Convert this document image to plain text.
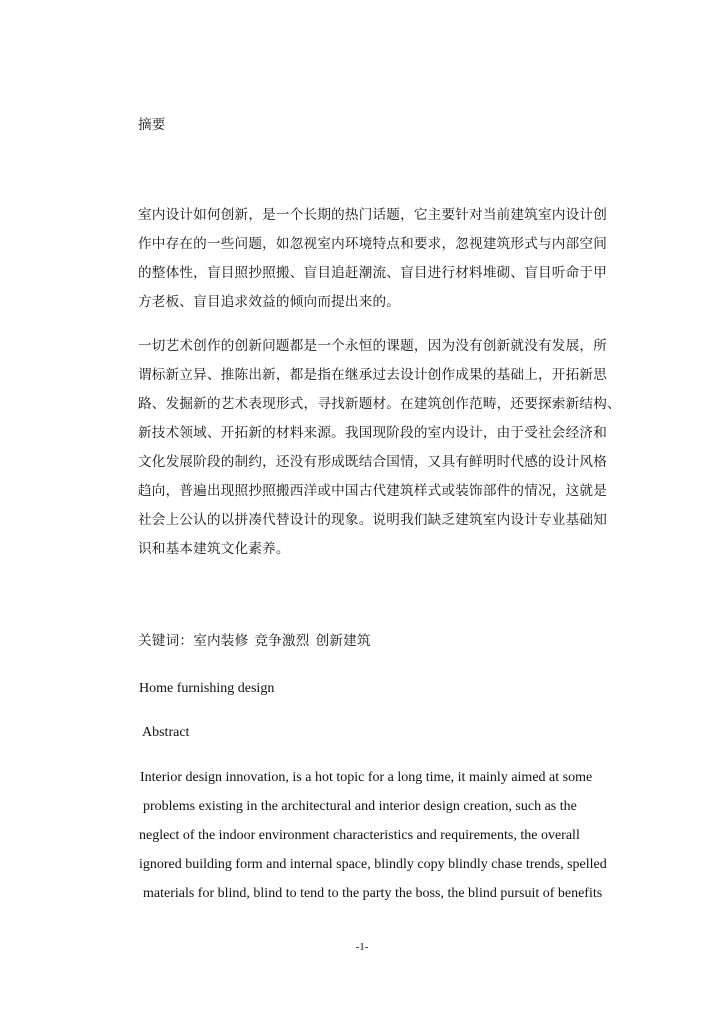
摘要

室内设计如何创新，是一个长期的热门话题，它主要针对当前建筑室内设计创

作中存在的一些问题，如忽视室内环境特点和要求，忽视建筑形式与内部空间

的整体性，盲目照抄照搬、盲目追赶潮流、盲目进行材料堆砌、盲目听命于甲

方老板、盲目追求效益的倾向而提出来的。

一切艺术创作的创新问题都是一个永恒的课题，因为没有创新就没有发展，所

谓标新立异、推陈出新，都是指在继承过去设计创作成果的基础上，开拓新思

路、发掘新的艺术表现形式，寻找新题材。在建筑创作范畴，还要探索新结构、

新技术领域、开拓新的材料来源。我国现阶段的室内设计，由于受社会经济和

文化发展阶段的制约，还没有形成既结合国情，又具有鲜明时代感的设计风格

趋向，普遍出现照抄照搬西洋或中国古代建筑样式或装饰部件的情况，这就是

社会上公认的以拼凑代替设计的现象。说明我们缺乏建筑室内设计专业基础知

识和基本建筑文化素养。

关键词：室内装修 竞争激烈 创新建筑

Home furnishing design

Abstract

Interior design innovation, is a hot topic for a long time, it mainly aimed at some

problems existing in the architectural and interior design creation, such as the

neglect of the indoor environment characteristics and requirements, the overall

ignored building form and internal space, blindly copy blindly chase trends, spelled

materials for blind, blind to tend to the party the boss, the blind pursuit of benefits

-1-
